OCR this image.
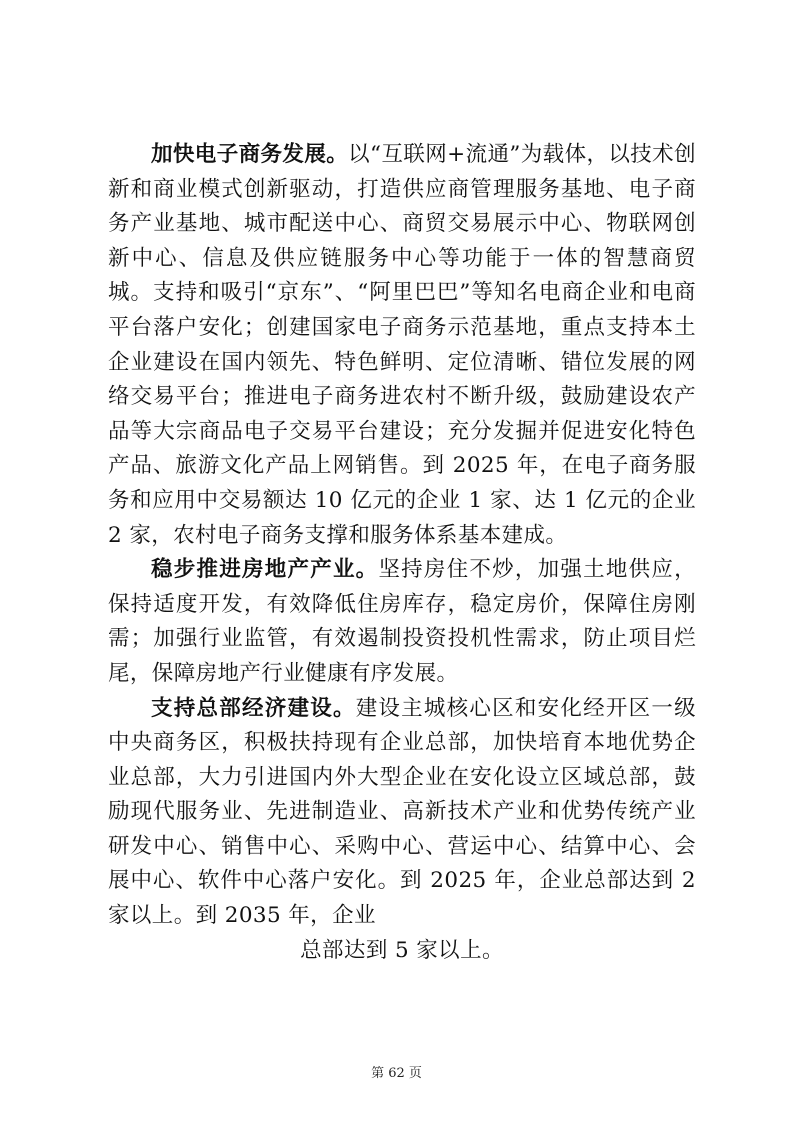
加快电子商务发展。以“互联网+流通”为载体，以技术创新和商业模式创新驱动，打造供应商管理服务基地、电子商务产业基地、城市配送中心、商贸交易展示中心、物联网创新中心、信息及供应链服务中心等功能于一体的智慧商贸城。支持和吸引“京东”、“阿里巴巴”等知名电商企业和电商平台落户安化；创建国家电子商务示范基地，重点支持本土企业建设在国内领先、特色鲜明、定位清晰、错位发展的网络交易平台；推进电子商务进农村不断升级，鼓励建设农产品等大宗商品电子交易平台建设；充分发掘并促进安化特色产品、旅游文化产品上网销售。到 2025 年，在电子商务服务和应用中交易额达 10 亿元的企业 1 家、达 1 亿元的企业 2 家，农村电子商务支撑和服务体系基本建成。

稳步推进房地产产业。坚持房住不炒，加强土地供应，保持适度开发，有效降低住房库存，稳定房价，保障住房刚需；加强行业监管，有效遏制投资投机性需求，防止项目烂尾，保障房地产行业健康有序发展。

支持总部经济建设。建设主城核心区和安化经开区一级中央商务区，积极扶持现有企业总部，加快培育本地优势企业总部，大力引进国内外大型企业在安化设立区域总部，鼓励现代服务业、先进制造业、高新技术产业和优势传统产业研发中心、销售中心、采购中心、营运中心、结算中心、会展中心、软件中心落户安化。到 2025 年，企业总部达到 2 家以上。到 2035 年，企业
总部达到 5 家以上。

第 62 页
